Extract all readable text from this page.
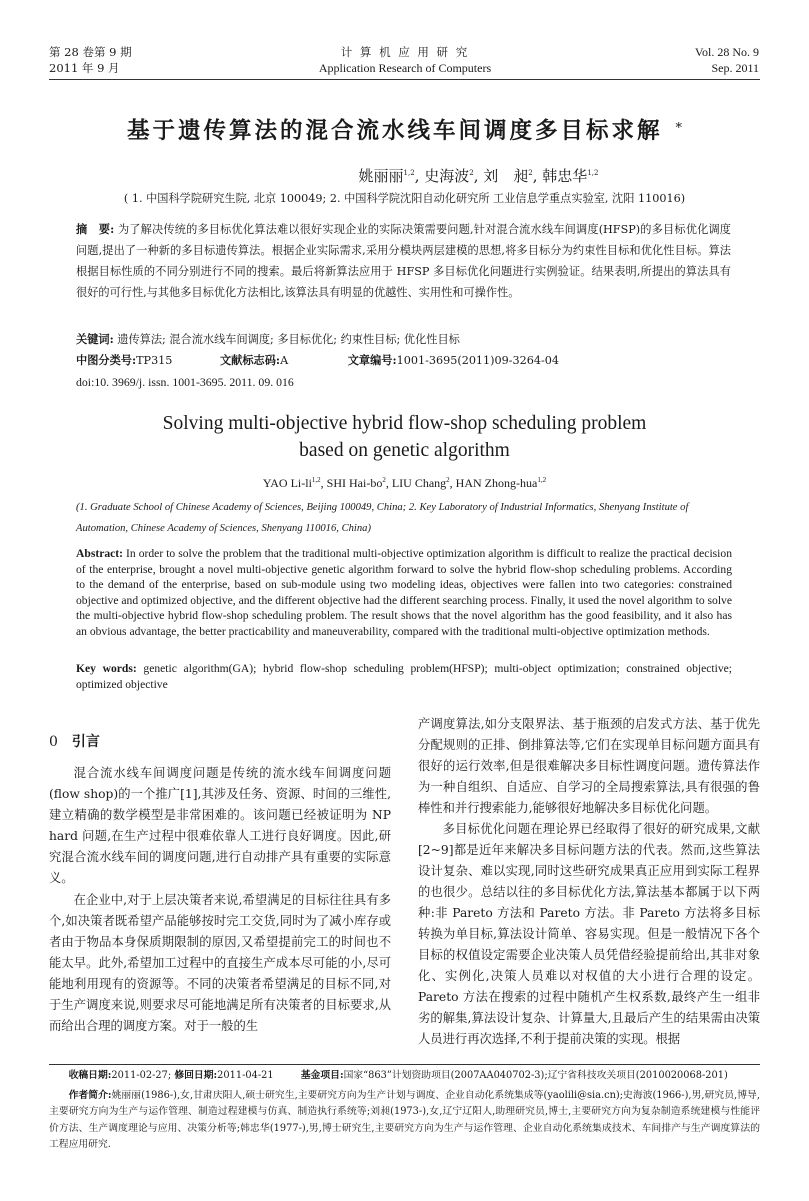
第 28 卷第 9 期
2011 年 9 月
计 算 机 应 用 研 究
Application Research of Computers
Vol. 28 No. 9
Sep. 2011
基于遗传算法的混合流水线车间调度多目标求解 *
姚丽丽$^{1,2}$, 史海波$^2$, 刘　昶$^2$, 韩忠华$^{1,2}$
( 1. 中国科学院研究生院, 北京 100049; 2. 中国科学院沈阳自动化研究所 工业信息学重点实验室, 沈阳 110016)
摘　要: 为了解决传统的多目标优化算法难以很好实现企业的实际决策需要问题,针对混合流水线车间调度(HFSP)的多目标优化调度问题,提出了一种新的多目标遗传算法。根据企业实际需求,采用分模块两层建模的思想,将多目标分为约束性目标和优化性目标。算法根据目标性质的不同分别进行不同的搜索。最后将新算法应用于 HFSP 多目标优化问题进行实例验证。结果表明,所提出的算法具有很好的可行性,与其他多目标优化方法相比,该算法具有明显的优越性、实用性和可操作性。
关键词: 遗传算法; 混合流水线车间调度; 多目标优化; 约束性目标; 优化性目标
中图分类号:TP315	文献标志码:A	文章编号:1001-3695(2011)09-3264-04
doi:10. 3969/j. issn. 1001-3695. 2011. 09. 016
Solving multi-objective hybrid flow-shop scheduling problem
based on genetic algorithm
YAO Li-li$^{1,2}$, SHI Hai-$bo^2$, LIU Chang$^2$, HAN Zhong-hua$^{1,2}$
(1. Graduate School of Chinese Academy of Sciences, Beijing 100049, China; 2. Key Laboratory of Industrial Informatics, Shenyang Institute of Automation, Chinese Academy of Sciences, Shenyang 110016, China)
Abstract: In order to solve the problem that the traditional multi-objective optimization algorithm is difficult to realize the practical decision of the enterprise, brought a novel multi-objective genetic algorithm forward to solve the hybrid flow-shop scheduling problems. According to the demand of the enterprise, based on sub-module using two modeling ideas, objectives were fallen into two categories: constrained objective and optimized objective, and the different objective had the different searching process. Finally, it used the novel algorithm to solve the multi-objective hybrid flow-shop scheduling problem. The result shows that the novel algorithm has the good feasibility, and it also has an obvious advantage, the better practicability and maneuverability, compared with the traditional multi-objective optimization methods.
Key words: genetic algorithm(GA); hybrid flow-shop scheduling problem(HFSP); multi-object optimization; constrained objective; optimized objective
0 引言

混合流水线车间调度问题是传统的流水线车间调度问题(flow shop)的一个推广[1],其涉及任务、资源、时间的三维性,建立精确的数学模型是非常困难的。该问题已经被证明为 NP hard 问题,在生产过程中很难依靠人工进行良好调度。因此,研究混合流水线车间的调度问题,进行自动排产具有重要的实际意义。

在企业中,对于上层决策者来说,希望满足的目标往往具有多个,如决策者既希望产品能够按时完工交货,同时为了减小库存或者由于物品本身保质期限制的原因,又希望提前完工的时间也不能太早。此外,希望加工过程中的直接生产成本尽可能的小,尽可能地利用现有的资源等。不同的决策者希望满足的目标不同,对于生产调度来说,则要求尽可能地满足所有决策者的目标要求,从而给出合理的调度方案。对于一般的生

产调度算法,如分支限界法、基于瓶颈的启发式方法、基于优先分配规则的正排、倒排算法等,它们在实现单目标问题方面具有很好的运行效率,但是很难解决多目标性调度问题。遗传算法作为一种自组织、自适应、自学习的全局搜索算法,具有很强的鲁棒性和并行搜索能力,能够很好地解决多目标优化问题。

多目标优化问题在理论界已经取得了很好的研究成果,文献[2~9]都是近年来解决多目标问题方法的代表。然而,这些算法设计复杂、难以实现,同时这些研究成果真正应用到实际工程界的也很少。总结以往的多目标优化方法,算法基本都属于以下两种:非 Pareto 方法和 Pareto 方法。非 Pareto 方法将多目标转换为单目标,算法设计简单、容易实现。但是一般情况下各个目标的权值设定需要企业决策人员凭借经验提前给出,其非对象化、实例化,决策人员难以对权值的大小进行合理的设定。Pareto 方法在搜索的过程中随机产生权系数,最终产生一组非劣的解集,算法设计复杂、计算量大,且最后产生的结果需由决策人员进行再次选择,不利于提前决策的实现。根据

收稿日期:2011-02-27; 修回日期:2011-04-21	基金项目:国家“863”计划资助项目(2007AA040702-3);辽宁省科技攻关项目(2010020068-201)
作者简介:姚丽丽(1986-),女,甘肃庆阳人,硕士研究生,主要研究方向为生产计划与调度、企业自动化系统集成等(yaolili@sia.cn);史海波(1966-),男,研究员,博导,主要研究方向为生产与运作管理、制造过程建模与仿真、制造执行系统等;刘昶(1973-),女,辽宁辽阳人,助理研究员,博士,主要研究方向为复杂制造系统建模与性能评价方法、生产调度理论与应用、决策分析等;韩忠华(1977-),男,博士研究生,主要研究方向为生产与运作管理、企业自动化系统集成技术、车间排产与生产调度算法的工程应用研究.
